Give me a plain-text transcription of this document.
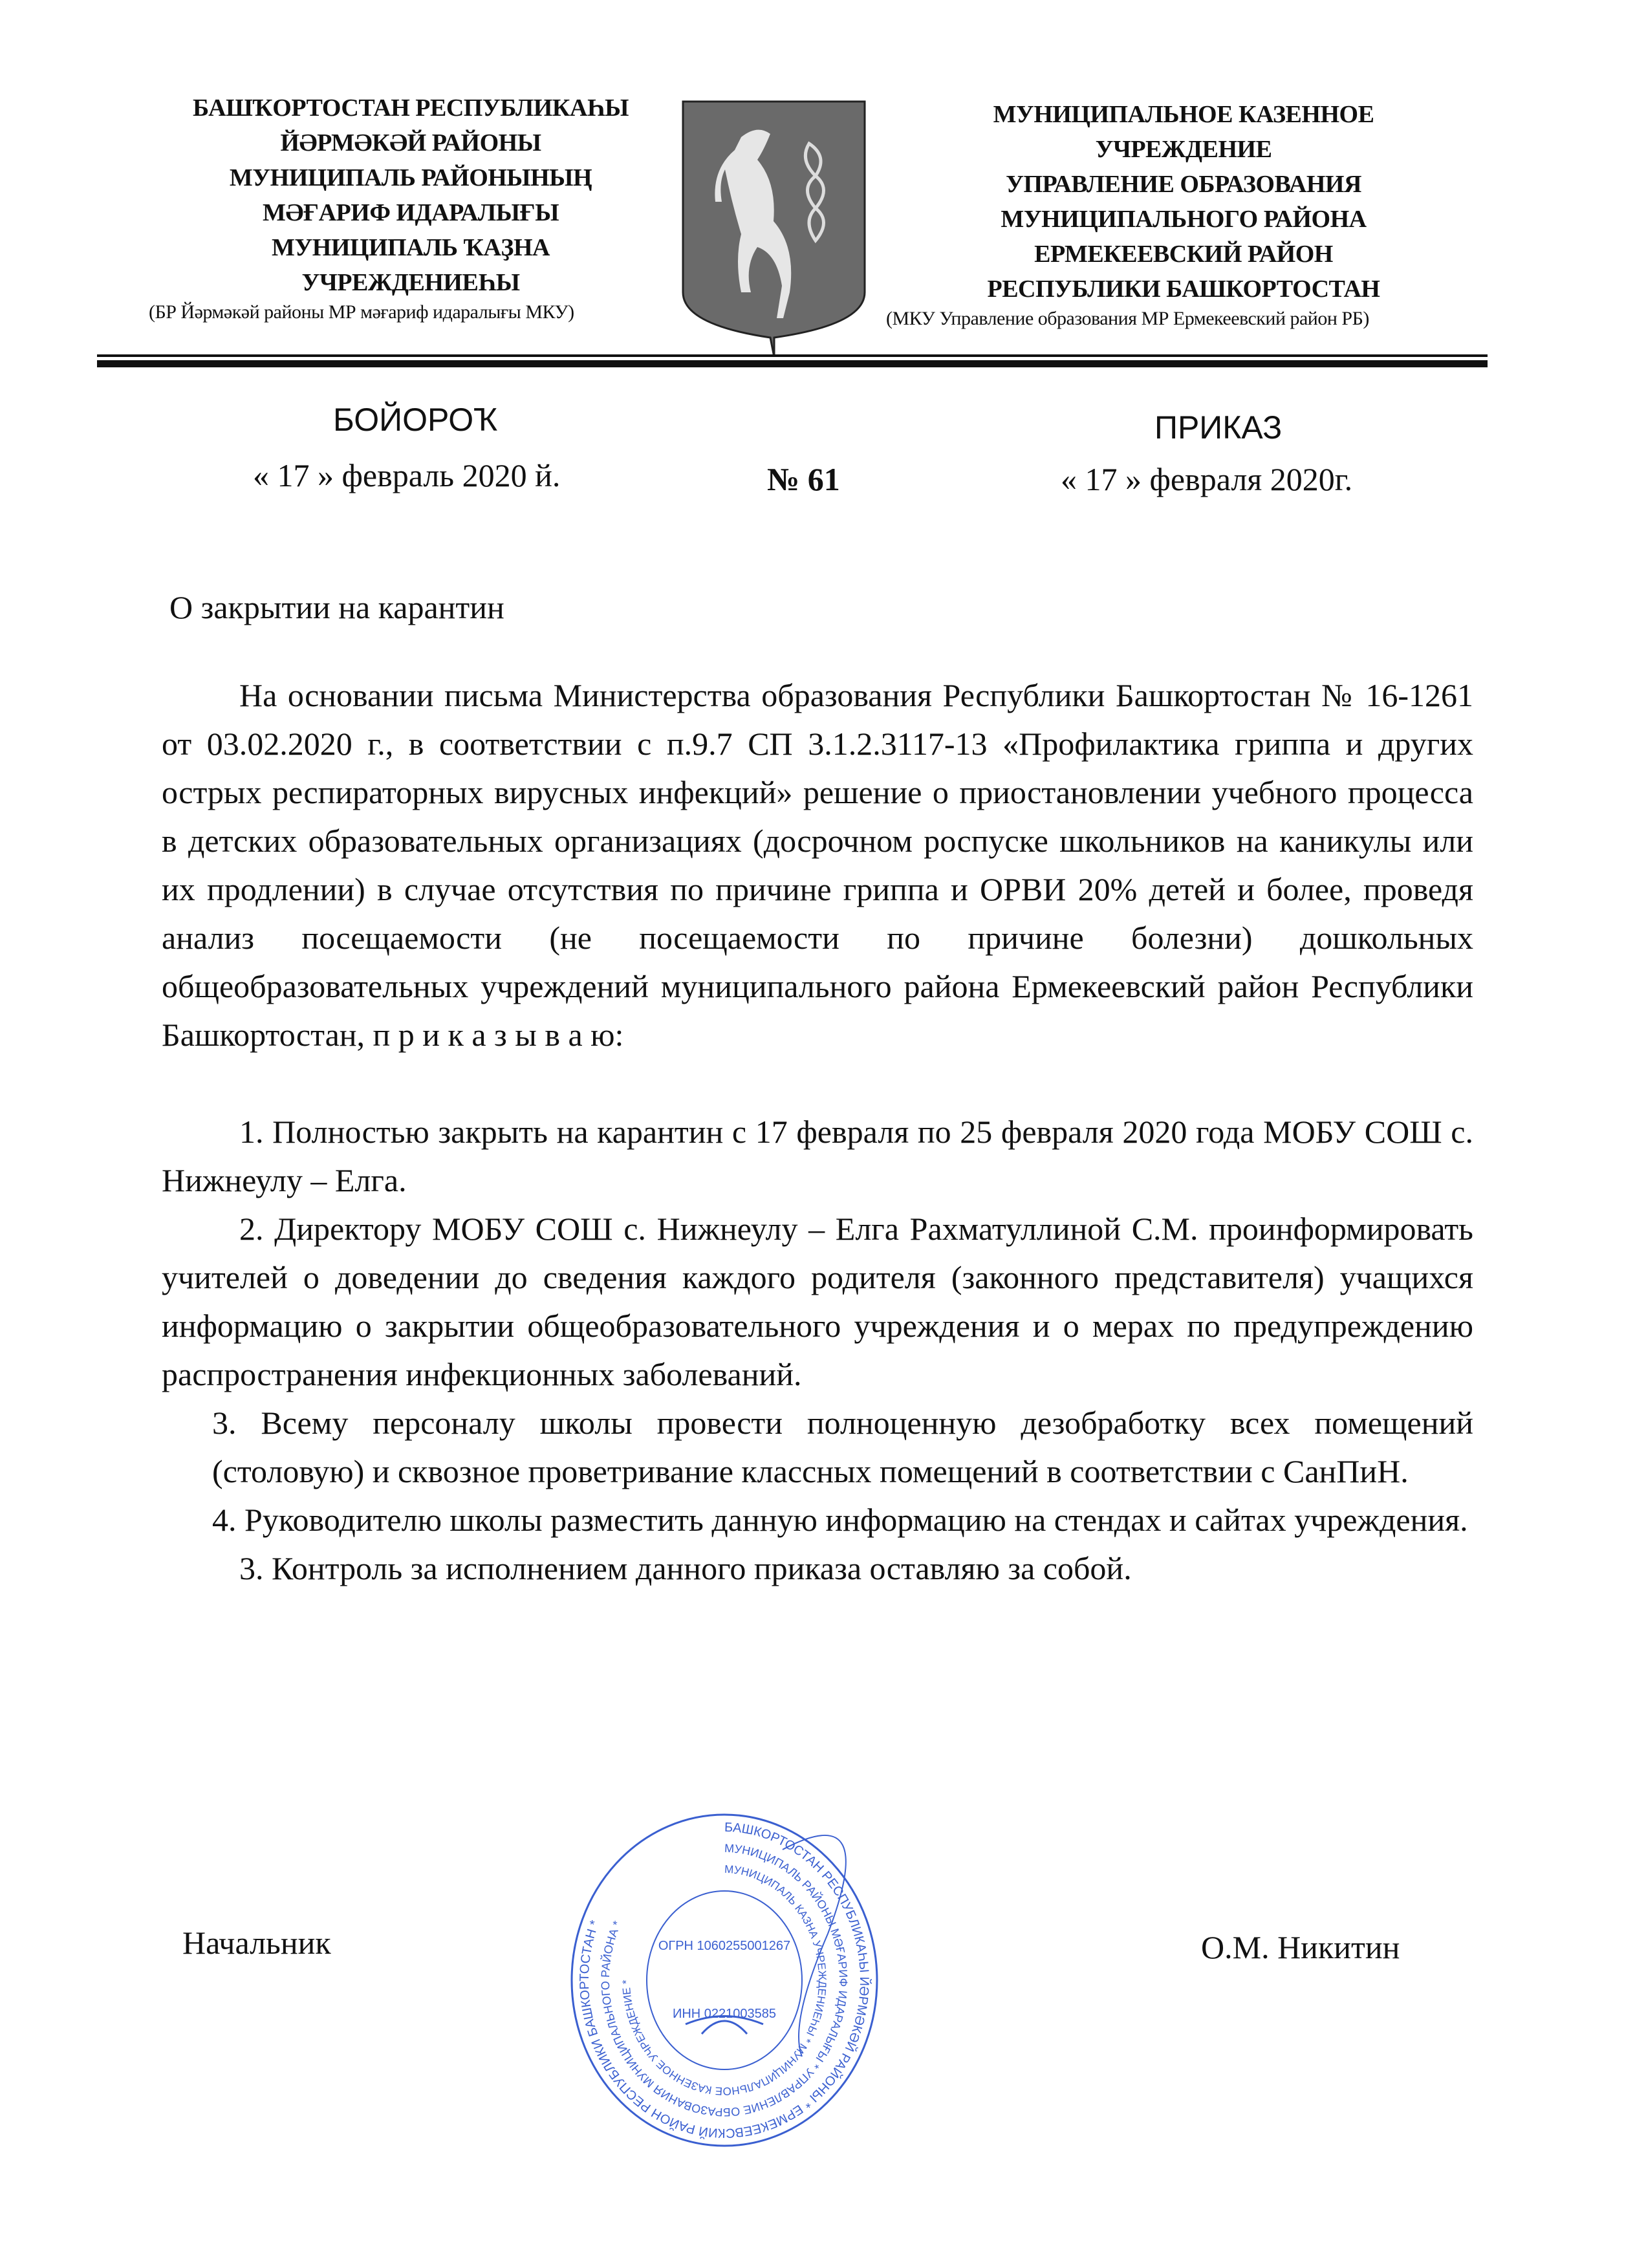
БАШҠОРТОСТАН РЕСПУБЛИКАҺЫ
ЙӘРМӘКӘЙ РАЙОНЫ
МУНИЦИПАЛЬ РАЙОНЫНЫҢ
МӘҒАРИФ ИДАРАЛЫҒЫ
МУНИЦИПАЛЬ ҠАҘНА
УЧРЕЖДЕНИЕҺЫ
(БР Йәрмәкәй районы МР мәғариф идаралығы МКУ)
МУНИЦИПАЛЬНОЕ КАЗЕННОЕ
УЧРЕЖДЕНИЕ
УПРАВЛЕНИЕ ОБРАЗОВАНИЯ
МУНИЦИПАЛЬНОГО РАЙОНА
ЕРМЕКЕЕВСКИЙ РАЙОН
РЕСПУБЛИКИ БАШКОРТОСТАН
(МКУ Управление образования МР Ермекеевский район РБ)
БОЙОРОҠ	ПРИКАЗ
« 17 » февраль 2020 й.	№ 61	« 17 » февраля 2020г.
О закрытии на карантин

На основании письма Министерства образования Республики Башкортостан № 16-1261 от 03.02.2020 г., в соответствии с п.9.7 СП 3.1.2.3117-13 «Профилактика гриппа и других острых респираторных вирусных инфекций» решение о приостановлении учебного процесса в детских образовательных организациях (досрочном роспуске школьников на каникулы или их продлении) в случае отсутствия по причине гриппа и ОРВИ 20% детей и более, проведя анализ посещаемости (не посещаемости по причине болезни) дошкольных общеобразовательных учреждений муниципального района Ермекеевский район Республики Башкортостан, п р и к а з ы в а ю:

1. Полностью закрыть на карантин с 17 февраля по 25 февраля 2020 года МОБУ СОШ с. Нижнеулу – Елга.

2. Директору МОБУ СОШ с. Нижнеулу – Елга Рахматуллиной С.М. проинформировать учителей о доведении до сведения каждого родителя (законного представителя) учащихся информацию о закрытии общеобразовательного учреждения и о мерах по предупреждению распространения инфекционных заболеваний.

3. Всему персоналу школы провести полноценную дезобработку всех помещений (столовую) и сквозное проветривание классных помещений в соответствии с СанПиН.

4. Руководителю школы разместить данную информацию на стендах и сайтах учреждения.

3. Контроль за исполнением данного приказа оставляю за собой.

Начальник	О.М. Никитин
БАШКОРТОСТАН РЕСПУБЛИКАҺЫ ЙӘРМӘКӘЙ РАЙОНЫ * ЕРМЕКЕЕВСКИЙ РАЙОН РЕСПУБЛИКИ БАШКОРТОСТАН *
МУНИЦИПАЛЬ РАЙОНЫ МӘҒАРИФ ИДАРАЛЫҒЫ * УПРАВЛЕНИЕ ОБРАЗОВАНИЯ МУНИЦИПАЛЬНОГО РАЙОНА *
МУНИЦИПАЛЬ КАЗНА УЧРЕЖДЕНИЕҺЫ * МУНИЦИПАЛЬНОЕ КАЗЕННОЕ УЧРЕЖДЕНИЕ *
ОГРН 1060255001267
ИНН 0221003585
